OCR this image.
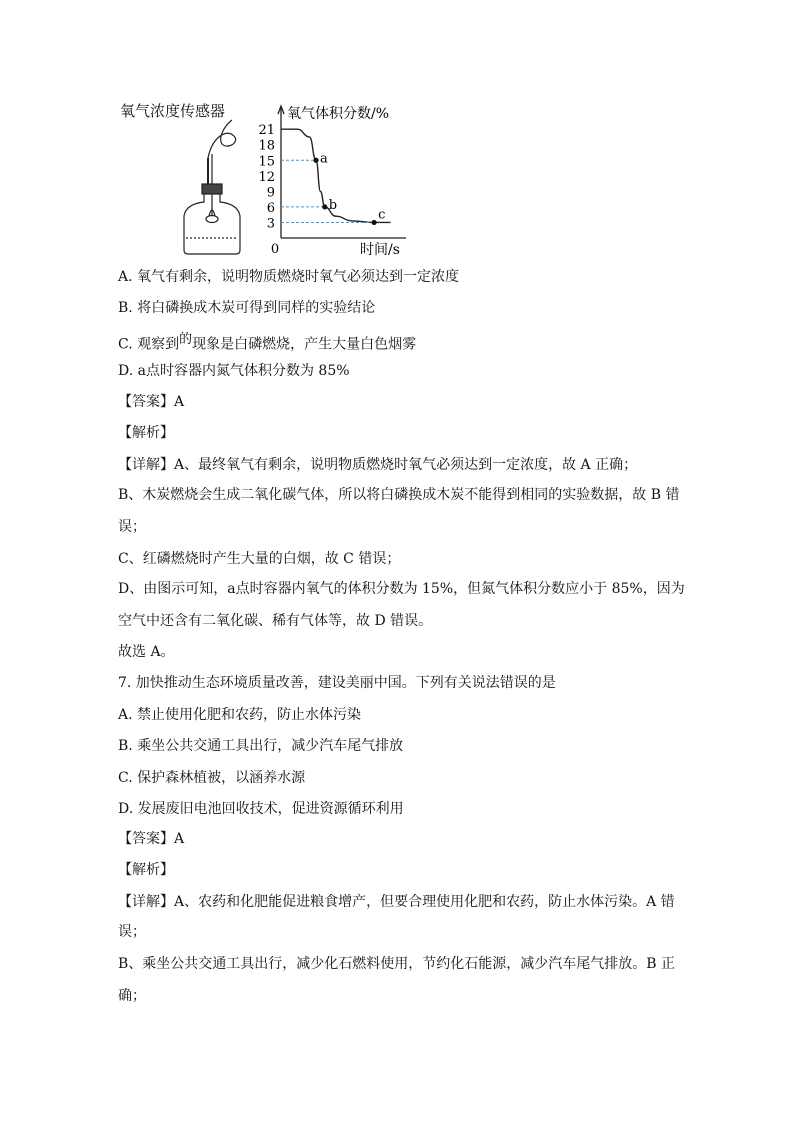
氧气浓度传感器	氧气体积分数/%
时间/s
0
21
18
15
12
9
6
3
a
b
c
A. 氧气有剩余，说明物质燃烧时氧气必须达到一定浓度
B. 将白磷换成木炭可得到同样的实验结论
C. 观察到$^的$现象是白磷燃烧，产生大量白色烟雾
D. a点时容器内氮气体积分数为 85%
【答案】A
【解析】
【详解】A、最终氧气有剩余，说明物质燃烧时氧气必须达到一定浓度，故 A 正确；
B、木炭燃烧会生成二氧化碳气体，所以将白磷换成木炭不能得到相同的实验数据，故 B 错
误；
C、红磷燃烧时产生大量的白烟，故 C 错误；
D、由图示可知，a点时容器内氧气的体积分数为 15%，但氮气体积分数应小于 85%，因为
空气中还含有二氧化碳、稀有气体等，故 D 错误。
故选 A。
7. 加快推动生态环境质量改善，建设美丽中国。下列有关说法错误的是
A. 禁止使用化肥和农药，防止水体污染
B. 乘坐公共交通工具出行，减少汽车尾气排放
C. 保护森林植被，以涵养水源
D. 发展废旧电池回收技术，促进资源循环利用
【答案】A
【解析】
【详解】A、农药和化肥能促进粮食增产，但要合理使用化肥和农药，防止水体污染。A 错
误；
B、乘坐公共交通工具出行，减少化石燃料使用，节约化石能源，减少汽车尾气排放。B 正
确；
